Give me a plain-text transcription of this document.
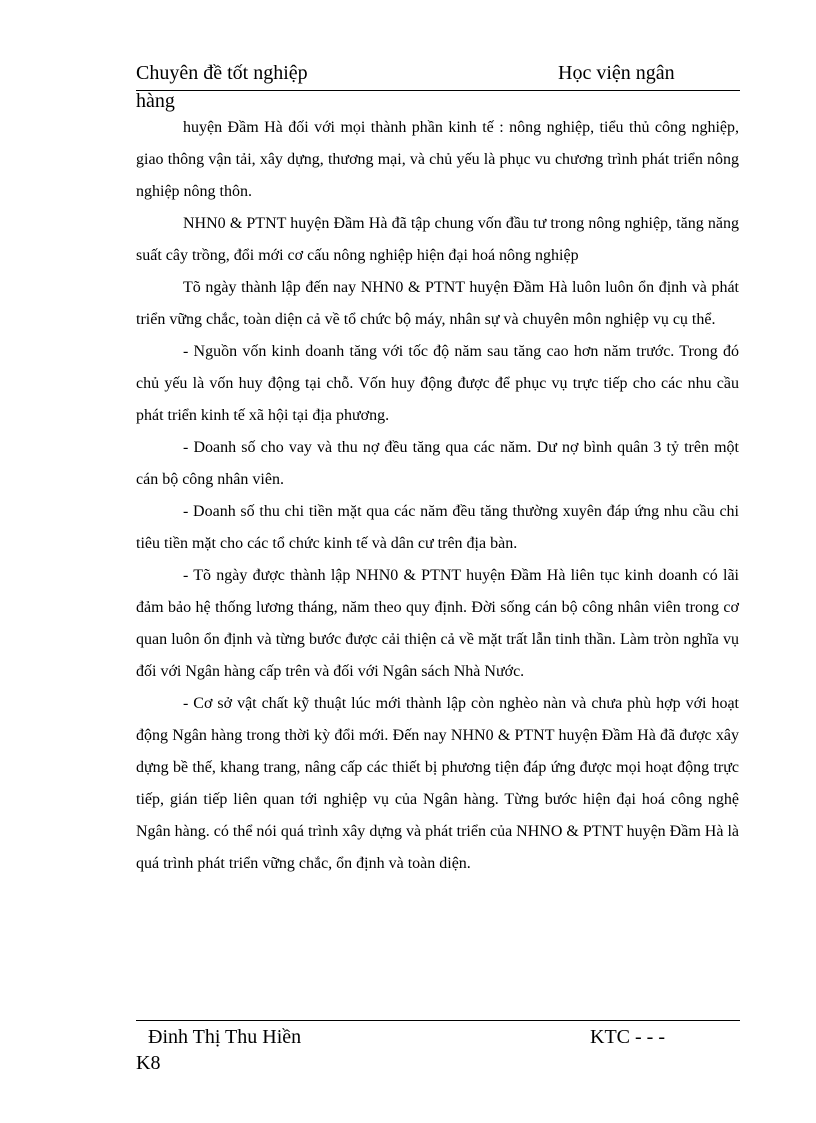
Chuyên đề tốt nghiệp	Học viện ngân
hàng

huyện Đầm Hà đối với mọi thành phần kinh tế : nông nghiệp, tiểu thủ công nghiệp, giao thông vận tải, xây dựng, thương mại, và chủ yếu là phục vu chương trình phát triển nông nghiệp nông thôn.

NHN0 & PTNT huyện Đầm Hà đã tập chung vốn đầu tư trong nông nghiệp, tăng năng suất cây trồng, đổi mới cơ cấu nông nghiệp hiện đại hoá nông nghiệp

Tõ ngày thành lập đến nay NHN0 & PTNT huyện Đầm Hà luôn luôn ổn định và phát triển vững chắc, toàn diện cả về tổ chức bộ máy, nhân sự và chuyên môn nghiệp vụ cụ thể.

- Nguồn vốn kinh doanh tăng với tốc độ năm sau tăng cao hơn năm trước. Trong đó chủ yếu là vốn huy động tại chỗ. Vốn huy động được để phục vụ trực tiếp cho các nhu cầu phát triển kinh tế xã hội tại địa phương.

- Doanh số cho vay và thu nợ đều tăng qua các năm. Dư nợ bình quân 3 tỷ trên một cán bộ công nhân viên.

- Doanh số thu chi tiền mặt qua các năm đều tăng thường xuyên đáp ứng nhu cầu chi tiêu tiền mặt cho các tổ chức kinh tế và dân cư trên địa bàn.

- Tõ ngày được thành lập NHN0 & PTNT huyện Đầm Hà liên tục kinh doanh có lãi đảm bảo hệ thống lương tháng, năm theo quy định. Đời sống cán bộ công nhân viên trong cơ quan luôn ổn định và từng bước được cải thiện cả về mặt trất lẫn tinh thần. Làm tròn nghĩa vụ đối với Ngân hàng cấp trên và đối với Ngân sách Nhà Nước.

- Cơ sở vật chất kỹ thuật lúc mới thành lập còn nghèo nàn và chưa phù hợp với hoạt động Ngân hàng trong thời kỳ đổi mới. Đến nay NHN0 & PTNT huyện Đầm Hà đã được xây dựng bề thế, khang trang, nâng cấp các thiết bị phương tiện đáp ứng được mọi hoạt động trực tiếp, gián tiếp liên quan tới nghiệp vụ của Ngân hàng. Từng bước hiện đại hoá công nghệ Ngân hàng. có thể nói quá trình xây dựng và phát triển của NHNO & PTNT huyện Đầm Hà là quá trình phát triển vững chắc, ổn định và toàn diện.

Đinh Thị Thu Hiền	KTC - - -
K8
